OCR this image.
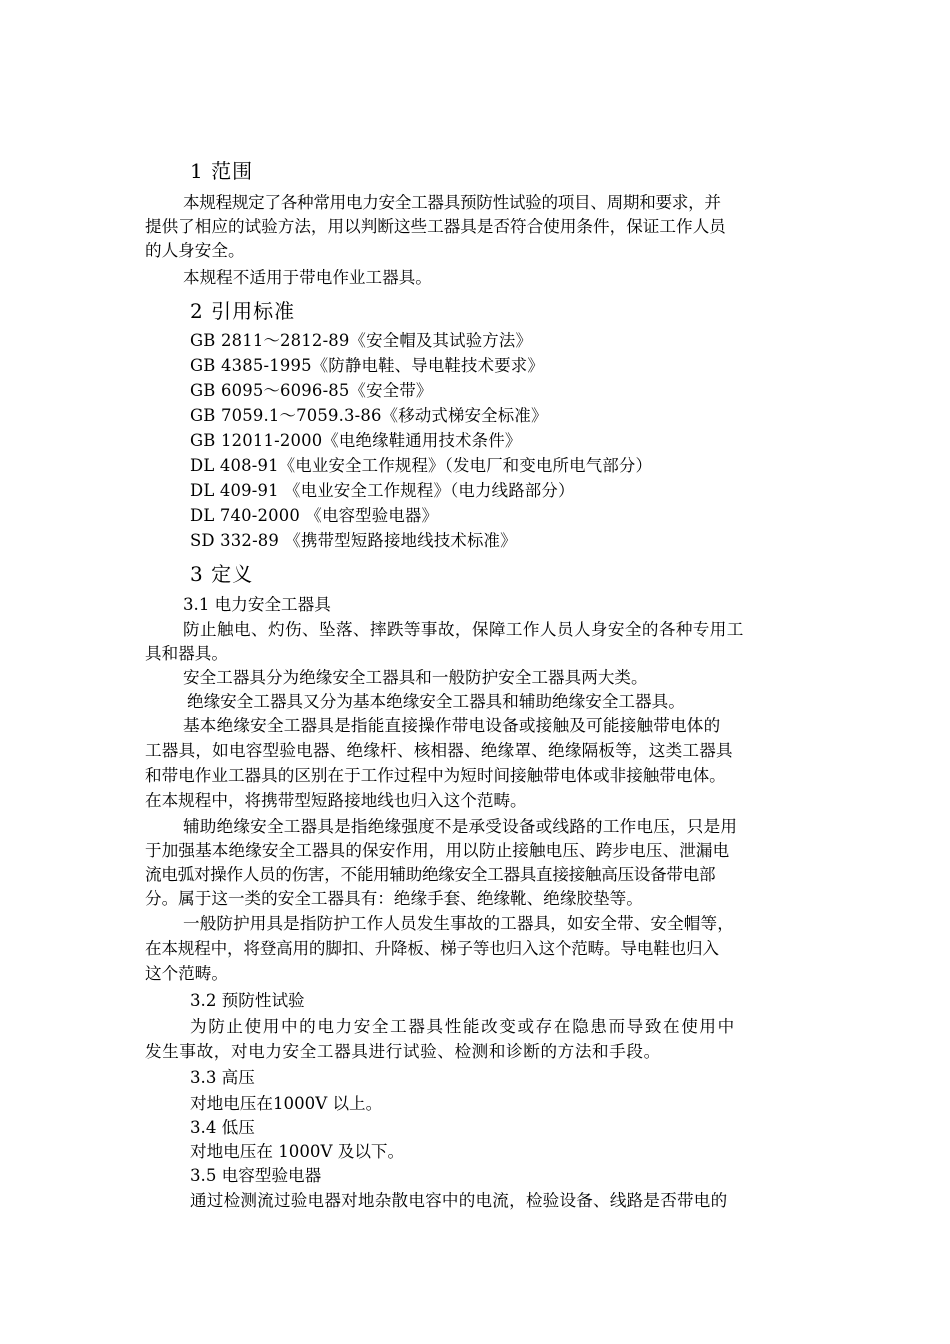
1 范围
本规程规定了各种常用电力安全工器具预防性试验的项目、周期和要求，并
提供了相应的试验方法，用以判断这些工器具是否符合使用条件，保证工作人员
的人身安全。
本规程不适用于带电作业工器具。
2 引用标准
GB 2811～2812-89《安全帽及其试验方法》
GB 4385-1995《防静电鞋、导电鞋技术要求》
GB 6095～6096-85《安全带》
GB 7059.1～7059.3-86《移动式梯安全标准》
GB 12011-2000《电绝缘鞋通用技术条件》
DL 408-91《电业安全工作规程》（发电厂和变电所电气部分）
DL 409-91 《电业安全工作规程》（电力线路部分）
DL 740-2000 《电容型验电器》
SD 332-89 《携带型短路接地线技术标准》
3 定义
3.1 电力安全工器具
防止触电、灼伤、坠落、摔跌等事故，保障工作人员人身安全的各种专用工
具和器具。
安全工器具分为绝缘安全工器具和一般防护安全工器具两大类。
绝缘安全工器具又分为基本绝缘安全工器具和辅助绝缘安全工器具。
基本绝缘安全工器具是指能直接操作带电设备或接触及可能接触带电体的
工器具，如电容型验电器、绝缘杆、核相器、绝缘罩、绝缘隔板等，这类工器具
和带电作业工器具的区别在于工作过程中为短时间接触带电体或非接触带电体。
在本规程中，将携带型短路接地线也归入这个范畴。
辅助绝缘安全工器具是指绝缘强度不是承受设备或线路的工作电压，只是用
于加强基本绝缘安全工器具的保安作用，用以防止接触电压、跨步电压、泄漏电
流电弧对操作人员的伤害，不能用辅助绝缘安全工器具直接接触高压设备带电部
分。属于这一类的安全工器具有：绝缘手套、绝缘靴、绝缘胶垫等。
一般防护用具是指防护工作人员发生事故的工器具，如安全带、安全帽等，
在本规程中，将登高用的脚扣、升降板、梯子等也归入这个范畴。导电鞋也归入
这个范畴。
3.2 预防性试验
为防止使用中的电力安全工器具性能改变或存在隐患而导致在使用中
发生事故，对电力安全工器具进行试验、检测和诊断的方法和手段。
3.3 高压
对地电压在1000V 以上。
3.4 低压
对地电压在 1000V 及以下。
3.5 电容型验电器
通过检测流过验电器对地杂散电容中的电流，检验设备、线路是否带电的
